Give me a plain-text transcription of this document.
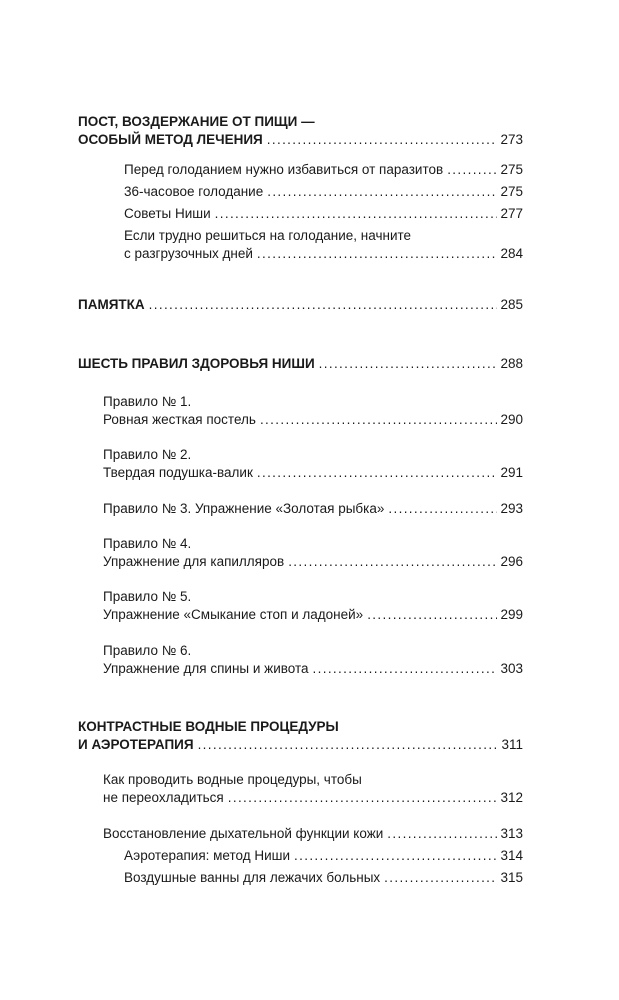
ПОСТ, ВОЗДЕРЖАНИЕ ОТ ПИЩИ —
ОСОБЫЙ МЕТОД ЛЕЧЕНИЯ . . .	273
Перед голоданием нужно избавиться от паразитов . . .	275
36-часовое голодание . . .	275
Советы Ниши . . .	277
Если трудно решиться на голодание, начните
с разгрузочных дней . . .	284
ПАМЯТКА . . .	285
ШЕСТЬ ПРАВИЛ ЗДОРОВЬЯ НИШИ . . .	288
Правило № 1.
Ровная жесткая постель . . .	290
Правило № 2.
Твердая подушка-валик . . .	291
Правило № 3. Упражнение «Золотая рыбка» . . .	293
Правило № 4.
Упражнение для капилляров . . .	296
Правило № 5.
Упражнение «Смыкание стоп и ладоней» . . .	299
Правило № 6.
Упражнение для спины и живота . . .	303
КОНТРАСТНЫЕ ВОДНЫЕ ПРОЦЕДУРЫ
И АЭРОТЕРАПИЯ . . .	311
Как проводить водные процедуры, чтобы
не переохладиться . . .	312
Восстановление дыхательной функции кожи . . .	313
Аэротерапия: метод Ниши . . .	314
Воздушные ванны для лежачих больных . . .	315
